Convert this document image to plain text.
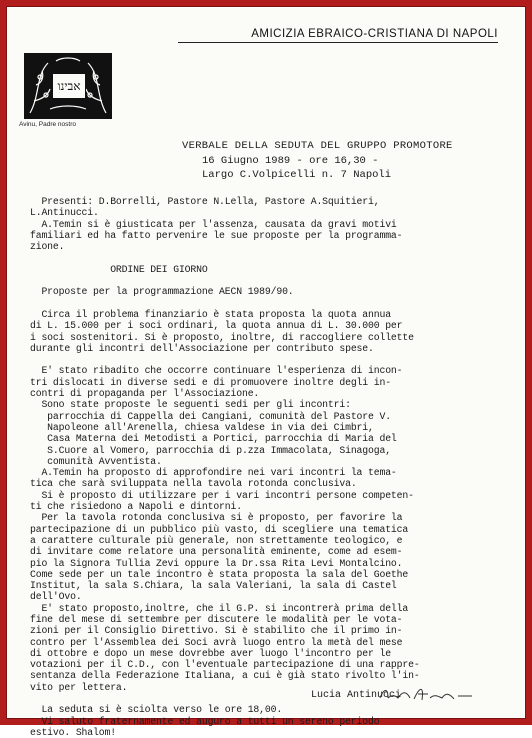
AMICIZIA EBRAICO-CRISTIANA DI NAPOLI
אבינו
Avinu, Padre nostro
VERBALE DELLA SEDUTA DEL GRUPPO PROMOTORE
16 Giugno 1989 - ore 16,30 -
Largo C.Volpicelli n. 7 Napoli
Presenti: D.Borrelli, Pastore N.Lella, Pastore A.Squitieri,
L.Antinucci.
A.Temin si è giusticata per l'assenza, causata da gravi motivi
familiari ed ha fatto pervenire le sue proposte per la programma-
zione.

ORDINE DEI GIORNO

Proposte per la programmazione AECN 1989/90.

Circa il problema finanziario è stata proposta la quota annua
di L. 15.000 per i soci ordinari, la quota annua di L. 30.000 per
i soci sostenitori. Si è proposto, inoltre, di raccogliere collette
durante gli incontri dell'Associazione per contributo spese.

E' stato ribadito che occorre continuare l'esperienza di incon-
tri dislocati in diverse sedi e di promuovere inoltre degli in-
contri di propaganda per l'Associazione.
Sono state proposte le seguenti sedi per gli incontri:
parrocchia di Cappella dei Cangiani, comunità del Pastore V.
Napoleone all'Arenella, chiesa valdese in via dei Cimbri,
Casa Materna dei Metodisti a Portici, parrocchia di Maria del
S.Cuore al Vomero, parrocchia di p.zza Immacolata, Sinagoga,
comunità Avventista.
A.Temin ha proposto di approfondire nei vari incontri la tema-
tica che sarà sviluppata nella tavola rotonda conclusiva.
Si è proposto di utilizzare per i vari incontri persone competen-
ti che risiedono a Napoli e dintorni.
Per la tavola rotonda conclusiva si è proposto, per favorire la
partecipazione di un pubblico più vasto, di scegliere una tematica
a carattere culturale più generale, non strettamente teologico, e
di invitare come relatore una personalità eminente, come ad esem-
pio la Signora Tullia Zevi oppure la Dr.ssa Rita Levi Montalcino.
Come sede per un tale incontro è stata proposta la sala del Goethe
Institut, la sala S.Chiara, la sala Valeriani, la sala di Castel
dell'Ovo.
E' stato proposto,inoltre, che il G.P. si incontrerà prima della
fine del mese di settembre per discutere le modalità per le vota-
zioni per il Consiglio Direttivo. Si è stabilito che il primo in-
contro per l'Assemblea dei Soci avrà luogo entro la metà del mese
di ottobre e dopo un mese dovrebbe aver luogo l'incontro per le
votazioni per il C.D., con l'eventuale partecipazione di una rappre-
sentanza della Federazione Italiana, a cui è già stato rivolto l'in-
vito per lettera.

La seduta si è sciolta verso le ore 18,00.
Vi saluto fraternamente ed auguro a tutti un sereno periodo
estivo. Shalom!
Lucia Antinucci
